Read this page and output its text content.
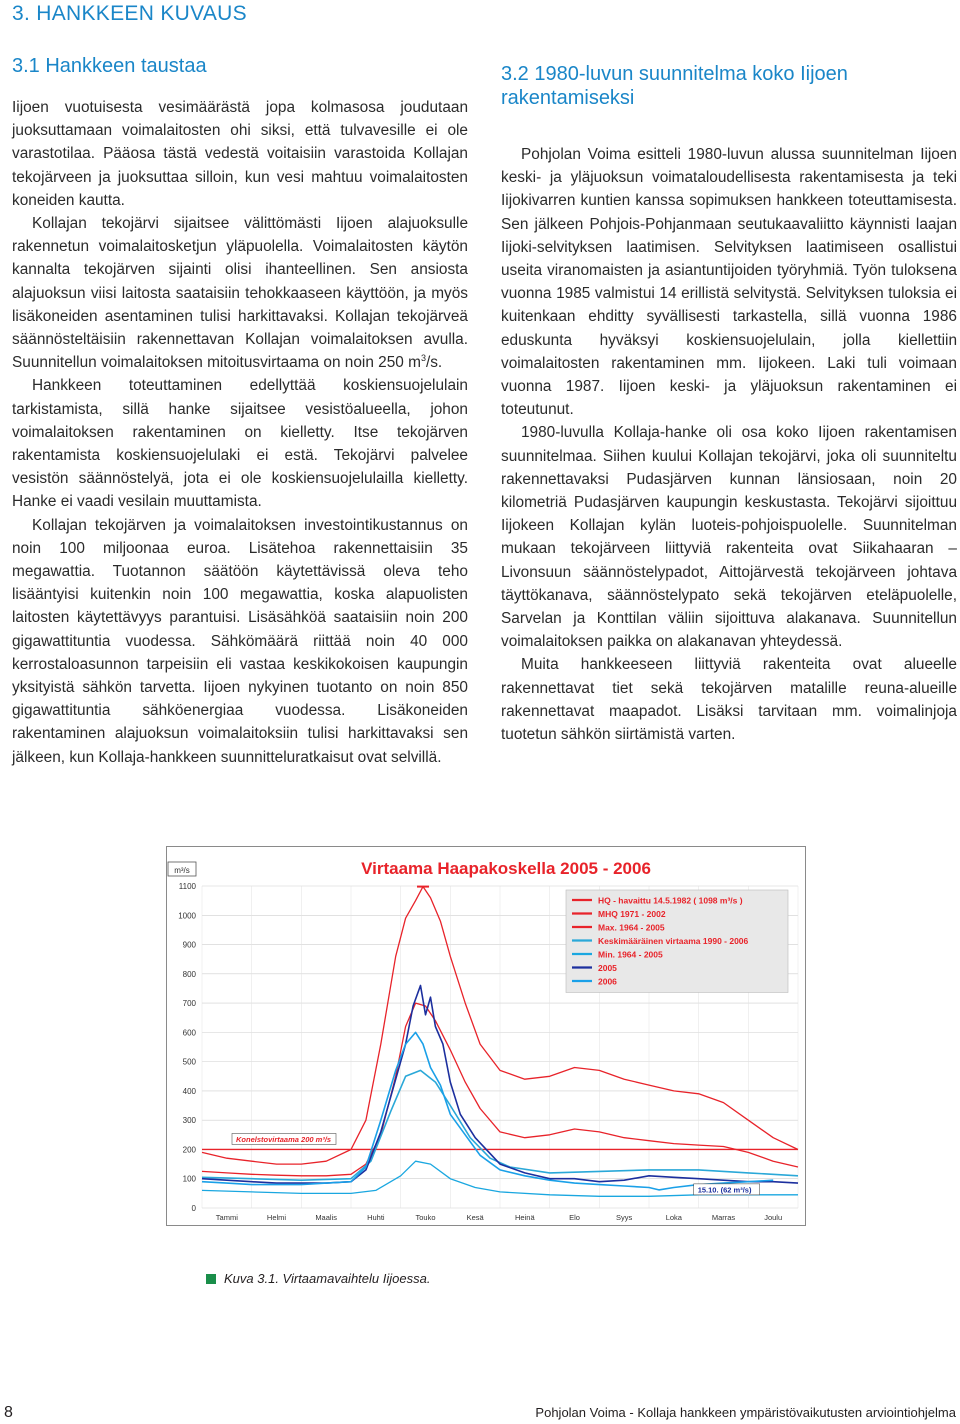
3. HANKKEEN KUVAUS
3.1 Hankkeen taustaa	3.2 1980-luvun suunnitelma koko Iijoen rakentamiseksi

Iijoen vuotuisesta vesimäärästä jopa kolmasosa joudutaan juoksuttamaan voimalaitosten ohi siksi, että tulvavesille ei ole varastotilaa. Pääosa tästä vedestä voitaisiin varastoida Kollajan tekojärveen ja juoksuttaa silloin, kun vesi mahtuu voimalaitosten koneiden kautta.

Kollajan tekojärvi sijaitsee välittömästi Iijoen alajuoksulle rakennetun voimalaitosketjun yläpuolella. Voimalaitosten käytön kannalta tekojärven sijainti olisi ihanteellinen. Sen ansiosta alajuoksun viisi laitosta saataisiin tehokkaaseen käyttöön, ja myös lisäkoneiden asentaminen tulisi harkittavaksi. Kollajan tekojärveä säännösteltäisiin rakennettavan Kollajan voimalaitoksen avulla. Suunnitellun voimalaitoksen mitoitusvirtaama on noin 250 $m^3/s$.

Hankkeen toteuttaminen edellyttää koskiensuojelulain tarkistamista, sillä hanke sijaitsee vesistöalueella, johon voimalaitoksen rakentaminen on kielletty. Itse tekojärven rakentamista koskiensuojelulaki ei estä. Tekojärvi palvelee vesistön säännöstelyä, jota ei ole koskiensuojelulailla kielletty. Hanke ei vaadi vesilain muuttamista.

Kollajan tekojärven ja voimalaitoksen investointikustannus on noin 100 miljoonaa euroa. Lisätehoa rakennettaisiin 35 megawattia. Tuotannon säätöön käytettävissä oleva teho lisääntyisi kuitenkin noin 100 megawattia, koska alapuolisten laitosten käytettävyys parantuisi. Lisäsähköä saataisiin noin 200 gigawattituntia vuodessa. Sähkömäärä riittää noin 40 000 kerrostaloasunnon tarpeisiin eli vastaa keskikokoisen kaupungin yksityistä sähkön tarvetta. Iijoen nykyinen tuotanto on noin 850 gigawattituntia sähköenergiaa vuodessa. Lisäkoneiden rakentaminen alajuoksun voimalaitoksiin tulisi harkittavaksi sen jälkeen, kun Kollaja-hankkeen suunnitteluratkaisut ovat selvillä.

Pohjolan Voima esitteli 1980-luvun alussa suunnitelman Iijoen keski- ja yläjuoksun voimataloudellisesta rakentamisesta ja teki Iijokivarren kuntien kanssa sopimuksen hankkeen toteuttamisesta. Sen jälkeen Pohjois-Pohjanmaan seutukaavaliitto käynnisti laajan Iijoki-selvityksen laatimisen. Selvityksen laatimiseen osallistui useita viranomaisten ja asiantuntijoiden työryhmiä. Työn tuloksena vuonna 1985 valmistui 14 erillistä selvitystä. Selvityksen tuloksia ei kuitenkaan ehditty syvällisesti tarkastella, sillä vuonna 1986 eduskunta hyväksyi koskiensuojelulain, jolla kiellettiin voimalaitosten rakentaminen mm. Iijokeen. Laki tuli voimaan vuonna 1987. Iijoen keski- ja yläjuoksun rakentaminen ei toteutunut.

1980-luvulla Kollaja-hanke oli osa koko Iijoen rakentamisen suunnitelmaa. Siihen kuului Kollajan tekojärvi, joka oli suunniteltu rakennettavaksi Pudasjärven kunnan länsiosaan, noin 20 kilometriä Pudasjärven kaupungin keskustasta. Tekojärvi sijoittuu Iijokeen Kollajan kylän luoteis-pohjoispuolelle. Suunnitelman mukaan tekojärveen liittyviä rakenteita ovat Siikahaaran – Livonsuun säännöstelypadot, Aittojärvestä tekojärveen johtava täyttökanava, säännöstelypato sekä tekojärven eteläpuolelle, Sarvelan ja Konttilan väliin sijoittuva alakanava. Suunnitellun voimalaitoksen paikka on alakanavan yhteydessä.

Muita hankkeeseen liittyviä rakenteita ovat alueelle rakennettavat tiet sekä tekojärven matalille reuna-alueille rakennettavat maapadot. Lisäksi tarvitaan mm. voimalinjoja tuotetun sähkön siirtämistä varten.

m³/s	Virtaama Haapakoskella 2005 - 2006
0
100
200
300
400
500
600
700
800
900
1000
1100
Tammi	Helmi	Maalis	Huhti	Touko	Kesä	Heinä	Elo	Syys	Loka	Marras	Joulu
HQ - havaittu 14.5.1982 ( 1098 m³/s )
MHQ 1971 - 2002
Max. 1964 - 2005
Keskimääräinen virtaama 1990 - 2006
Min. 1964 - 2005
2005
2006
Konelstovirtaama 200 m³/s
15.10. (62 m³/s)
Kuva 3.1. Virtaamavaihtelu Iijoessa.
8	Pohjolan Voima - Kollaja hankkeen ympäristövaikutusten arviointiohjelma
